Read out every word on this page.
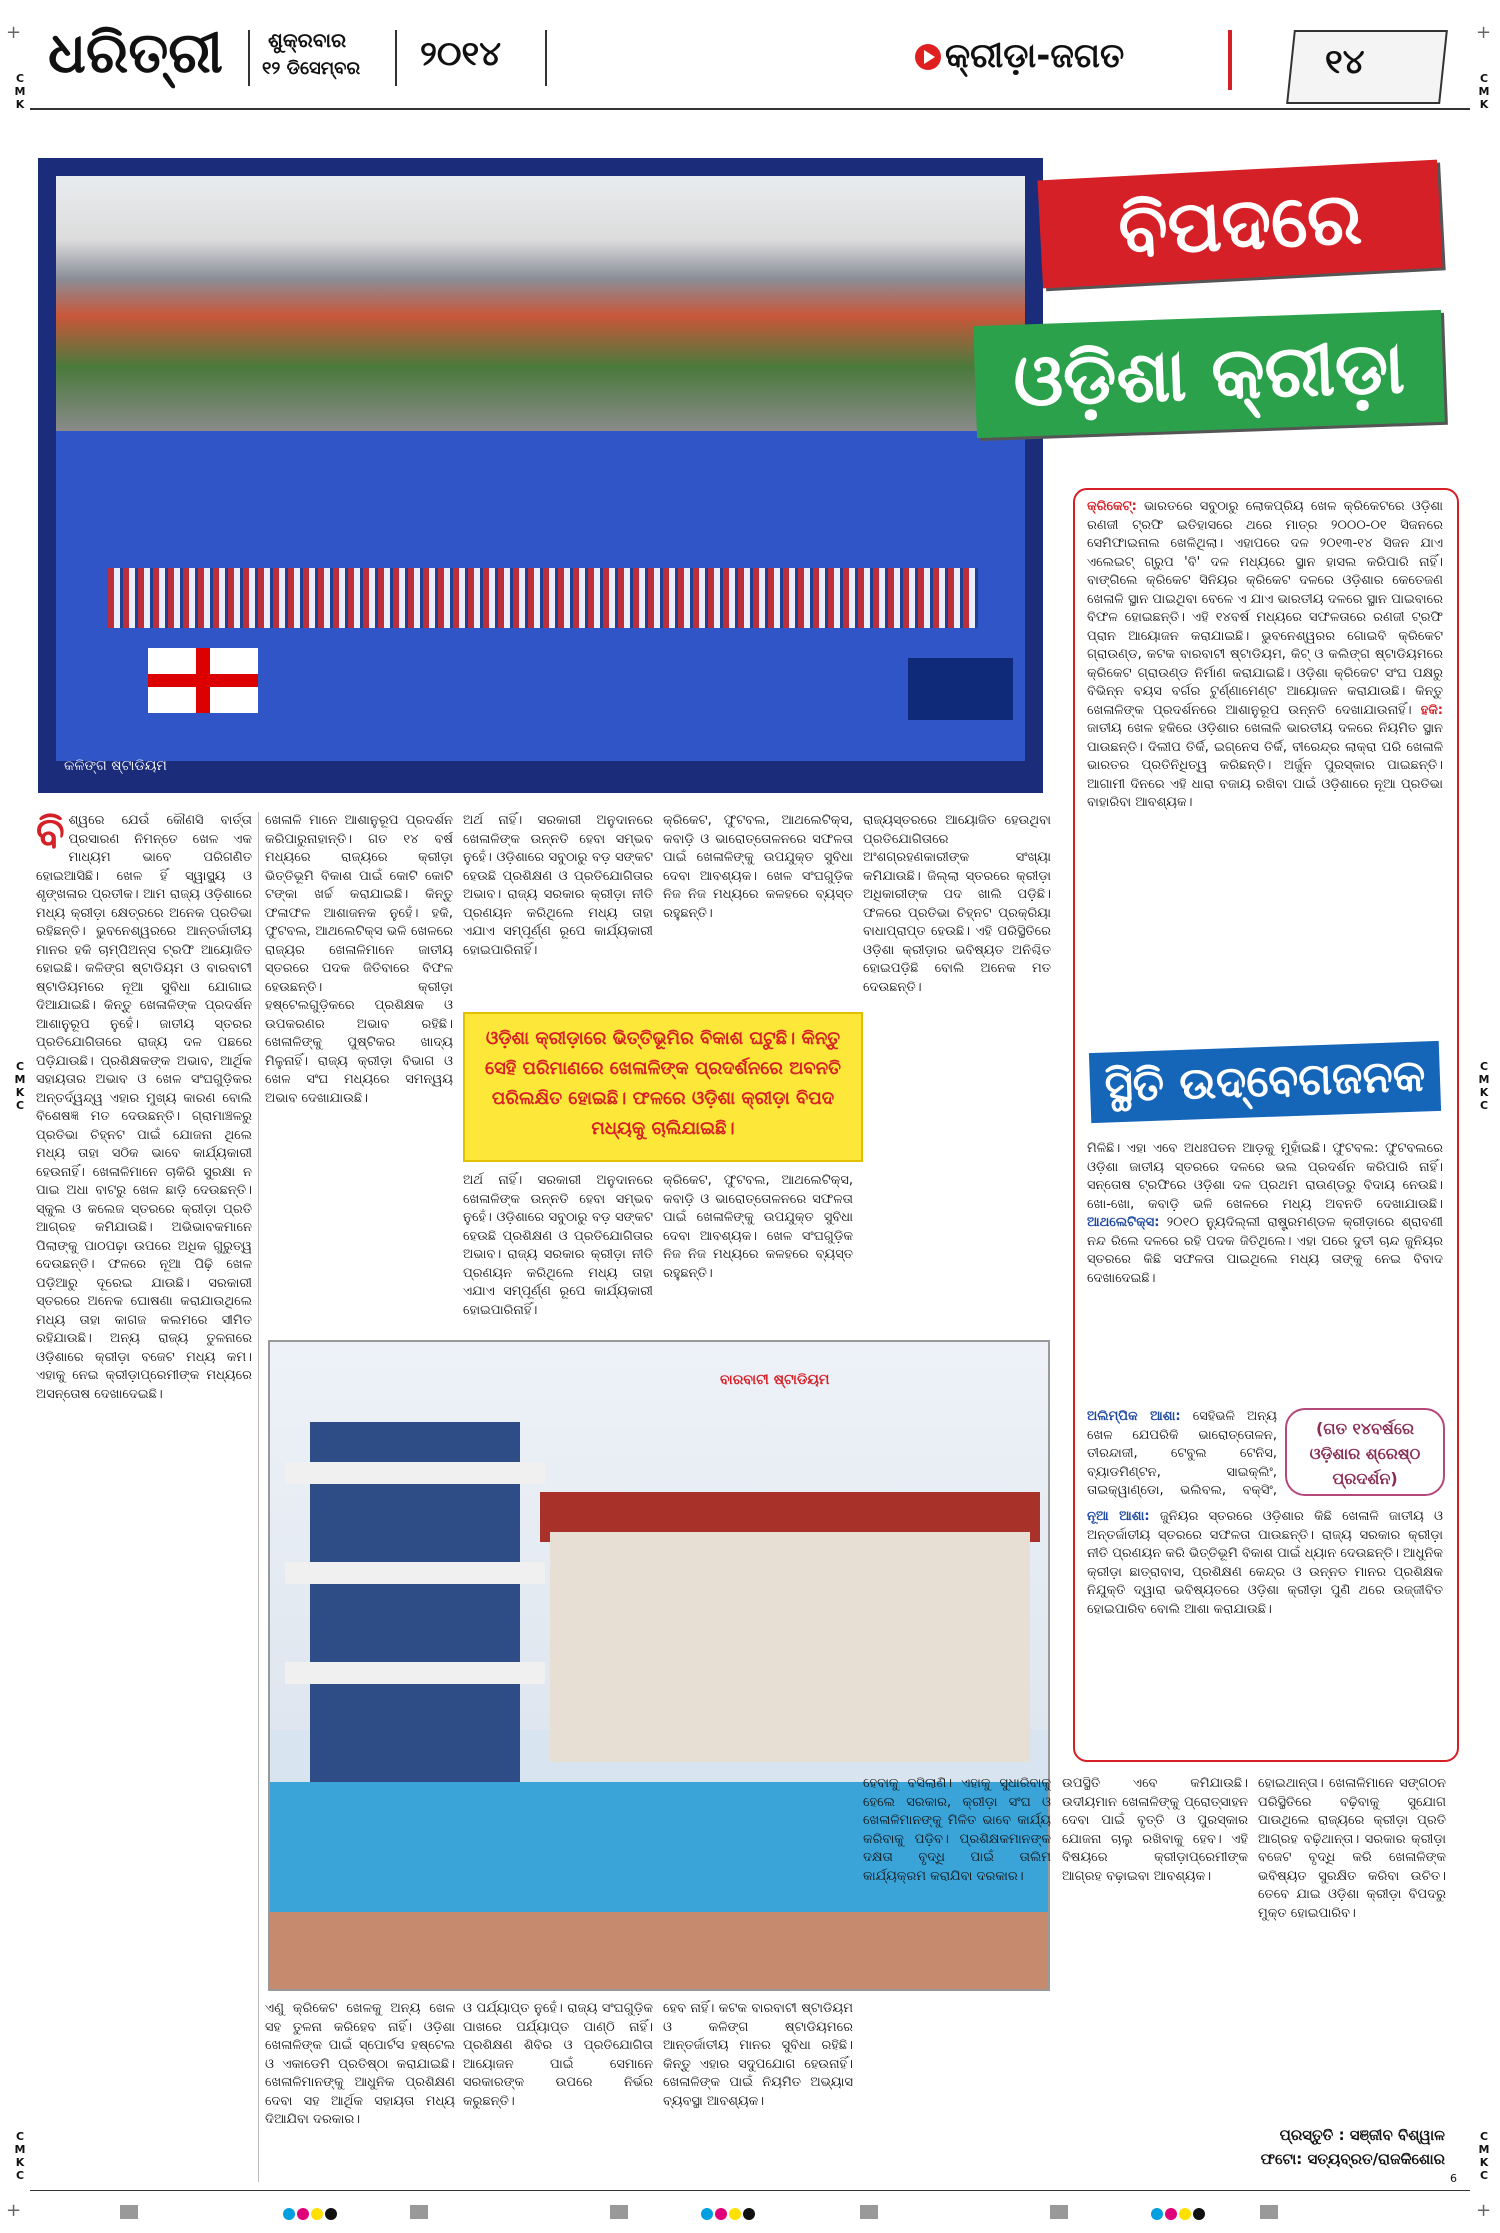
+	+
+	+
C
M
K
C
M
K
C
M
K
C
C
M
K
C
C
M
K
C
C
M
K
C
ଧରିତ୍ରୀ ଶୁକ୍ରବାର
୧୨ ଡିସେମ୍ବର ୨୦୧୪	କ୍ରୀଡ଼ା-ଜଗତ	୧୪
କଳିଙ୍ଗ ଷ୍ଟାଡିୟମ
ବିପଦରେ
ଓଡ଼ିଶା କ୍ରୀଡ଼ା
କ୍ରିକେଟ୍: ଭାରତରେ ସବୁଠାରୁ ଲୋକପ୍ରିୟ ଖେଳ କ୍ରିକେଟରେ ଓଡ଼ିଶା ରଣଜୀ ଟ୍ରଫି ଇତିହାସରେ ଥରେ ମାତ୍ର ୨୦୦୦-୦୧ ସିଜନରେ ସେମିଫାଇନାଲ ଖେଳିଥିଲା। ଏହାପରେ ଦଳ ୨୦୧୩-୧୪ ସିଜନ ଯାଏ ଏଲେଇଟ୍ ଗ୍ରୁପ 'ବି' ଦଳ ମଧ୍ୟରେ ସ୍ଥାନ ହାସଲ କରିପାରି ନାହିଁ। ବାଙ୍ଗିଲେ କ୍ରିକେଟ ସିନିୟର କ୍ରିକେଟ ଦଳରେ ଓଡ଼ିଶାର କେତେଜଣ ଖେଳାଳି ସ୍ଥାନ ପାଇଥିବା ବେଳେ ଏ ଯାଏ ଭାରତୀୟ ଦଳରେ ସ୍ଥାନ ପାଇବାରେ ବିଫଳ ହୋଇଛନ୍ତି। ଏହି ୧୪ବର୍ଷ ମଧ୍ୟରେ ସଫଳତାରେ ରଣଜୀ ଟ୍ରଫି ପ୍ରାନ ଆୟୋଜନ କରାଯାଇଛି। ଭୁବନେଶ୍ୱରର ଗୋଇବି କ୍ରିକେଟ ଗ୍ରାଉଣ୍ଡ, କଟକ ବାରବାଟୀ ଷ୍ଟାଡିୟମ, କିଟ୍ ଓ କଲିଙ୍ଗ ଷ୍ଟାଡିୟମରେ କ୍ରିକେଟ ଗ୍ରାଉଣ୍ଡ ନିର୍ମାଣ କରାଯାଇଛି। ଓଡ଼ିଶା କ୍ରିକେଟ ସଂଘ ପକ୍ଷରୁ ବିଭିନ୍ନ ବୟସ ବର୍ଗର ଟୁର୍ଣ୍ଣାମେଣ୍ଟ ଆୟୋଜନ କରାଯାଉଛି। କିନ୍ତୁ ଖେଳାଳିଙ୍କ ପ୍ରଦର୍ଶନରେ ଆଶାନୁରୂପ ଉନ୍ନତି ଦେଖାଯାଉନାହିଁ। ହକି: ଜାତୀୟ ଖେଳ ହକିରେ ଓଡ଼ିଶାର ଖେଳାଳି ଭାରତୀୟ ଦଳରେ ନିୟମିତ ସ୍ଥାନ ପାଉଛନ୍ତି। ଦିଲୀପ ତିର୍କି, ଇଗ୍ନେସ ତିର୍କି, ବୀରେନ୍ଦ୍ର ଲାକ୍ରା ପରି ଖେଳାଳି ଭାରତର ପ୍ରତିନିଧିତ୍ୱ କରିଛନ୍ତି। ଅର୍ଜୁନ ପୁରସ୍କାର ପାଇଛନ୍ତି। ଆଗାମୀ ଦିନରେ ଏହି ଧାରା ବଜାୟ ରଖିବା ପାଇଁ ଓଡ଼ିଶାରେ ନୂଆ ପ୍ରତିଭା ବାହାରିବା ଆବଶ୍ୟକ।
ସ୍ଥିତି ଉଦ୍‌ବେଗଜନକ
ମିଳିଛି। ଏହା ଏବେ ଅଧଃପତନ ଆଡ଼କୁ ମୁହାଁଇଛି। ଫୁଟବଲ: ଫୁଟବଲରେ ଓଡ଼ିଶା ଜାତୀୟ ସ୍ତରରେ ଦଳରେ ଭଲ ପ୍ରଦର୍ଶନ କରିପାରି ନାହିଁ। ସନ୍ତୋଷ ଟ୍ରଫିରେ ଓଡ଼ିଶା ଦଳ ପ୍ରଥମ ରାଉଣ୍ଡରୁ ବିଦାୟ ନେଉଛି। ଖୋ-ଖୋ, କବାଡ଼ି ଭଳି ଖେଳରେ ମଧ୍ୟ ଅବନତି ଦେଖାଯାଉଛି। ଆଥଲେଟିକ୍ସ: ୨୦୧୦ ନ୍ୟୁଦିଲ୍ଲୀ ରାଷ୍ଟ୍ରମଣ୍ଡଳ କ୍ରୀଡ଼ାରେ ଶ୍ରାବଣୀ ନନ୍ଦ ରିଲେ ଦଳରେ ରହି ପଦକ ଜିତିଥିଲେ। ଏହା ପରେ ଦୁତୀ ଚାନ୍ଦ ଜୁନିୟର ସ୍ତରରେ କିଛି ସଫଳତା ପାଇଥିଲେ ମଧ୍ୟ ତାଙ୍କୁ ନେଇ ବିବାଦ ଦେଖାଦେଇଛି।
ଅଲିମ୍ପିକ ଆଶା: ସେହିଭଳି ଅନ୍ୟ ଖେଳ ଯେପରିକି ଭାରୋତ୍ତୋଳନ, ତୀରନ୍ଦାଜୀ, ଟେବୁଲ ଟେନିସ, ବ୍ୟାଡମିଣ୍ଟନ, ସାଇକ୍ଲିଂ, ତାଇକ୍ୱାଣ୍ଡୋ, ଭଲିବଲ, ବକ୍ସିଂ,
(ଗତ ୧୪ବର୍ଷରେ ଓଡ଼ିଶାର ଶ୍ରେଷ୍ଠ ପ୍ରଦର୍ଶନ)
ନୂଆ ଆଶା: ଜୁନିୟର ସ୍ତରରେ ଓଡ଼ିଶାର କିଛି ଖେଳାଳି ଜାତୀୟ ଓ ଅନ୍ତର୍ଜାତୀୟ ସ୍ତରରେ ସଫଳତା ପାଉଛନ୍ତି। ରାଜ୍ୟ ସରକାର କ୍ରୀଡ଼ା ନୀତି ପ୍ରଣୟନ କରି ଭିତ୍ତିଭୂମି ବିକାଶ ପାଇଁ ଧ୍ୟାନ ଦେଉଛନ୍ତି। ଆଧୁନିକ କ୍ରୀଡ଼ା ଛାତ୍ରାବାସ, ପ୍ରଶିକ୍ଷଣ କେନ୍ଦ୍ର ଓ ଉନ୍ନତ ମାନର ପ୍ରଶିକ୍ଷକ ନିଯୁକ୍ତି ଦ୍ୱାରା ଭବିଷ୍ୟତରେ ଓଡ଼ିଶା କ୍ରୀଡ଼ା ପୁଣି ଥରେ ଉଜ୍ଜୀବିତ ହୋଇପାରିବ ବୋଲି ଆଶା କରାଯାଉଛି।
ବି ଶ୍ୱରେ ଯେଉଁ କୌଣସି ବାର୍ତ୍ତା ପ୍ରସାରଣ ନିମନ୍ତେ ଖେଳ ଏକ ମାଧ୍ୟମ ଭାବେ ପରିଗଣିତ ହୋଇଆସିଛି। ଖେଳ ହିଁ ସ୍ୱାସ୍ଥ୍ୟ ଓ ଶୃଙ୍ଖଳାର ପ୍ରତୀକ। ଆମ ରାଜ୍ୟ ଓଡ଼ିଶାରେ ମଧ୍ୟ କ୍ରୀଡ଼ା କ୍ଷେତ୍ରରେ ଅନେକ ପ୍ରତିଭା ରହିଛନ୍ତି। ଭୁବନେଶ୍ୱରରେ ଆନ୍ତର୍ଜାତୀୟ ମାନର ହକି ଚାମ୍ପିଅନ୍ସ ଟ୍ରଫି ଆୟୋଜିତ ହୋଇଛି। କଳିଙ୍ଗ ଷ୍ଟାଡିୟମ ଓ ବାରବାଟୀ ଷ୍ଟାଡିୟମରେ ନୂଆ ସୁବିଧା ଯୋଗାଇ ଦିଆଯାଇଛି। କିନ୍ତୁ ଖେଳାଳିଙ୍କ ପ୍ରଦର୍ଶନ ଆଶାନୁରୂପ ନୁହେଁ। ଜାତୀୟ ସ୍ତରର ପ୍ରତିଯୋଗିତାରେ ରାଜ୍ୟ ଦଳ ପଛରେ ପଡ଼ିଯାଉଛି। ପ୍ରଶିକ୍ଷକଙ୍କ ଅଭାବ, ଆର୍ଥିକ ସହାୟତାର ଅଭାବ ଓ ଖେଳ ସଂଘଗୁଡ଼ିକର ଅନ୍ତର୍ଦ୍ୱନ୍ଦ୍ୱ ଏହାର ମୁଖ୍ୟ କାରଣ ବୋଲି ବିଶେଷଜ୍ଞ ମତ ଦେଉଛନ୍ତି। ଗ୍ରାମାଞ୍ଚଳରୁ ପ୍ରତିଭା ଚିହ୍ନଟ ପାଇଁ ଯୋଜନା ଥିଲେ ମଧ୍ୟ ତାହା ସଠିକ ଭାବେ କାର୍ଯ୍ୟକାରୀ ହେଉନାହିଁ। ଖେଳାଳିମାନେ ଚାକିରି ସୁରକ୍ଷା ନ ପାଇ ଅଧା ବାଟରୁ ଖେଳ ଛାଡ଼ି ଦେଉଛନ୍ତି। ସ୍କୁଲ ଓ କଲେଜ ସ୍ତରରେ କ୍ରୀଡ଼ା ପ୍ରତି ଆଗ୍ରହ କମିଯାଉଛି। ଅଭିଭାବକମାନେ ପିଲାଙ୍କୁ ପାଠପଢ଼ା ଉପରେ ଅଧିକ ଗୁରୁତ୍ୱ ଦେଉଛନ୍ତି। ଫଳରେ ନୂଆ ପିଢ଼ି ଖେଳ ପଡ଼ିଆରୁ ଦୂରେଇ ଯାଉଛି। ସରକାରୀ ସ୍ତରରେ ଅନେକ ଘୋଷଣା କରାଯାଉଥିଲେ ମଧ୍ୟ ତାହା କାଗଜ କଲମରେ ସୀମିତ ରହିଯାଉଛି। ଅନ୍ୟ ରାଜ୍ୟ ତୁଳନାରେ ଓଡ଼ିଶାରେ କ୍ରୀଡ଼ା ବଜେଟ ମଧ୍ୟ କମ। ଏହାକୁ ନେଇ କ୍ରୀଡ଼ାପ୍ରେମୀଙ୍କ ମଧ୍ୟରେ ଅସନ୍ତୋଷ ଦେଖାଦେଇଛି।
ଖେଳାଳି ମାନେ ଆଶାନୁରୂପ ପ୍ରଦର୍ଶନ କରିପାରୁନାହାନ୍ତି। ଗତ ୧୪ ବର୍ଷ ମଧ୍ୟରେ ରାଜ୍ୟରେ କ୍ରୀଡ଼ା ଭିତ୍ତିଭୂମି ବିକାଶ ପାଇଁ କୋଟି କୋଟି ଟଙ୍କା ଖର୍ଚ୍ଚ କରାଯାଇଛି। କିନ୍ତୁ ଫଳାଫଳ ଆଶାଜନକ ନୁହେଁ। ହକି, ଫୁଟବଲ, ଆଥଲେଟିକ୍ସ ଭଳି ଖେଳରେ ରାଜ୍ୟର ଖେଳାଳିମାନେ ଜାତୀୟ ସ୍ତରରେ ପଦକ ଜିତିବାରେ ବିଫଳ ହେଉଛନ୍ତି। କ୍ରୀଡ଼ା ହଷ୍ଟେଲଗୁଡ଼ିକରେ ପ୍ରଶିକ୍ଷକ ଓ ଉପକରଣର ଅଭାବ ରହିଛି। ଖେଳାଳିଙ୍କୁ ପୁଷ୍ଟିକର ଖାଦ୍ୟ ମିଳୁନାହିଁ। ରାଜ୍ୟ କ୍ରୀଡ଼ା ବିଭାଗ ଓ ଖେଳ ସଂଘ ମଧ୍ୟରେ ସମନ୍ୱୟ ଅଭାବ ଦେଖାଯାଉଛି।
ଅର୍ଥ ନାହିଁ। ସରକାରୀ ଅନୁଦାନରେ ଖେଳାଳିଙ୍କ ଉନ୍ନତି ହେବା ସମ୍ଭବ ନୁହେଁ। ଓଡ଼ିଶାରେ ସବୁଠାରୁ ବଡ଼ ସଙ୍କଟ ହେଉଛି ପ୍ରଶିକ୍ଷଣ ଓ ପ୍ରତିଯୋଗିତାର ଅଭାବ। ରାଜ୍ୟ ସରକାର କ୍ରୀଡ଼ା ନୀତି ପ୍ରଣୟନ କରିଥିଲେ ମଧ୍ୟ ତାହା ଏଯାଏ ସମ୍ପୂର୍ଣ୍ଣ ରୂପେ କାର୍ଯ୍ୟକାରୀ ହୋଇପାରିନାହିଁ।
କ୍ରିକେଟ, ଫୁଟବଲ, ଆଥଲେଟିକ୍ସ, କବାଡ଼ି ଓ ଭାରୋତ୍ତୋଳନରେ ସଫଳତା ପାଇଁ ଖେଳାଳିଙ୍କୁ ଉପଯୁକ୍ତ ସୁବିଧା ଦେବା ଆବଶ୍ୟକ। ଖେଳ ସଂଘଗୁଡ଼ିକ ନିଜ ନିଜ ମଧ୍ୟରେ କଳହରେ ବ୍ୟସ୍ତ ରହୁଛନ୍ତି।
ରାଜ୍ୟସ୍ତରରେ ଆୟୋଜିତ ହେଉଥିବା ପ୍ରତିଯୋଗିତାରେ ଅଂଶଗ୍ରହଣକାରୀଙ୍କ ସଂଖ୍ୟା କମିଯାଉଛି। ଜିଲ୍ଲା ସ୍ତରରେ କ୍ରୀଡ଼ା ଅଧିକାରୀଙ୍କ ପଦ ଖାଲି ପଡ଼ିଛି। ଫଳରେ ପ୍ରତିଭା ଚିହ୍ନଟ ପ୍ରକ୍ରିୟା ବାଧାପ୍ରାପ୍ତ ହେଉଛି। ଏହି ପରିସ୍ଥିତିରେ ଓଡ଼ିଶା କ୍ରୀଡ଼ାର ଭବିଷ୍ୟତ ଅନିଶ୍ଚିତ ହୋଇପଡ଼ିଛି ବୋଲି ଅନେକ ମତ ଦେଉଛନ୍ତି।
ଓଡ଼ିଶା କ୍ରୀଡ଼ାରେ ଭିତ୍ତିଭୂମିର ବିକାଶ ଘଟୁଛି। କିନ୍ତୁ ସେହି ପରିମାଣରେ ଖେଳାଳିଙ୍କ ପ୍ରଦର୍ଶନରେ ଅବନତି ପରିଲକ୍ଷିତ ହୋଇଛି। ଫଳରେ ଓଡ଼ିଶା କ୍ରୀଡ଼ା ବିପଦ ମଧ୍ୟକୁ ଚାଲିଯାଇଛି।
ଅର୍ଥ ନାହିଁ। ସରକାରୀ ଅନୁଦାନରେ ଖେଳାଳିଙ୍କ ଉନ୍ନତି ହେବା ସମ୍ଭବ ନୁହେଁ। ଓଡ଼ିଶାରେ ସବୁଠାରୁ ବଡ଼ ସଙ୍କଟ ହେଉଛି ପ୍ରଶିକ୍ଷଣ ଓ ପ୍ରତିଯୋଗିତାର ଅଭାବ। ରାଜ୍ୟ ସରକାର କ୍ରୀଡ଼ା ନୀତି ପ୍ରଣୟନ କରିଥିଲେ ମଧ୍ୟ ତାହା ଏଯାଏ ସମ୍ପୂର୍ଣ୍ଣ ରୂପେ କାର୍ଯ୍ୟକାରୀ ହୋଇପାରିନାହିଁ।
କ୍ରିକେଟ, ଫୁଟବଲ, ଆଥଲେଟିକ୍ସ, କବାଡ଼ି ଓ ଭାରୋତ୍ତୋଳନରେ ସଫଳତା ପାଇଁ ଖେଳାଳିଙ୍କୁ ଉପଯୁକ୍ତ ସୁବିଧା ଦେବା ଆବଶ୍ୟକ। ଖେଳ ସଂଘଗୁଡ଼ିକ ନିଜ ନିଜ ମଧ୍ୟରେ କଳହରେ ବ୍ୟସ୍ତ ରହୁଛନ୍ତି।
ବାରବାଟୀ ଷ୍ଟାଡିୟମ
ଏଣୁ କ୍ରିକେଟ ଖେଳକୁ ଅନ୍ୟ ଖେଳ ସହ ତୁଳନା କରିହେବ ନାହିଁ। ଓଡ଼ିଶା ଖେଳାଳିଙ୍କ ପାଇଁ ସ୍ପୋର୍ଟସ ହଷ୍ଟେଲ ଓ ଏକାଡେମି ପ୍ରତିଷ୍ଠା କରାଯାଇଛି। ଖେଳାଳିମାନଙ୍କୁ ଆଧୁନିକ ପ୍ରଶିକ୍ଷଣ ଦେବା ସହ ଆର୍ଥିକ ସହାୟତା ମଧ୍ୟ ଦିଆଯିବା ଦରକାର।
ଓ ପର୍ଯ୍ୟାପ୍ତ ନୁହେଁ। ରାଜ୍ୟ ସଂଘଗୁଡ଼ିକ ପାଖରେ ପର୍ଯ୍ୟାପ୍ତ ପାଣ୍ଠି ନାହିଁ। ପ୍ରଶିକ୍ଷଣ ଶିବିର ଓ ପ୍ରତିଯୋଗିତା ଆୟୋଜନ ପାଇଁ ସେମାନେ ସରକାରଙ୍କ ଉପରେ ନିର୍ଭର କରୁଛନ୍ତି।
ହେବ ନାହିଁ। କଟକ ବାରବାଟୀ ଷ୍ଟାଡିୟମ ଓ କଳିଙ୍ଗ ଷ୍ଟାଡିୟମରେ ଆନ୍ତର୍ଜାତୀୟ ମାନର ସୁବିଧା ରହିଛି। କିନ୍ତୁ ଏହାର ସଦୁପଯୋଗ ହେଉନାହିଁ। ଖେଳାଳିଙ୍କ ପାଇଁ ନିୟମିତ ଅଭ୍ୟାସ ବ୍ୟବସ୍ଥା ଆବଶ୍ୟକ।
ହେବାକୁ ବସିଲାଣି। ଏହାକୁ ସୁଧାରିବାକୁ ହେଲେ ସରକାର, କ୍ରୀଡ଼ା ସଂଘ ଓ ଖେଳାଳିମାନଙ୍କୁ ମିଳିତ ଭାବେ କାର୍ଯ୍ୟ କରିବାକୁ ପଡ଼ିବ। ପ୍ରଶିକ୍ଷକମାନଙ୍କ ଦକ୍ଷତା ବୃଦ୍ଧି ପାଇଁ ତାଲିମ କାର୍ଯ୍ୟକ୍ରମ କରାଯିବା ଦରକାର।
ଉପସ୍ଥିତି ଏବେ କମିଯାଉଛି। ଉଦୀୟମାନ ଖେଳାଳିଙ୍କୁ ପ୍ରୋତ୍ସାହନ ଦେବା ପାଇଁ ବୃତ୍ତି ଓ ପୁରସ୍କାର ଯୋଜନା ଚାଲୁ ରଖିବାକୁ ହେବ। ଏହି ବିଷୟରେ କ୍ରୀଡ଼ାପ୍ରେମୀଙ୍କ ଆଗ୍ରହ ବଢ଼ାଇବା ଆବଶ୍ୟକ।
ହୋଇଥାନ୍ତା। ଖେଳାଳିମାନେ ସଙ୍ଗଠନ ପରିସ୍ଥିତିରେ ବଢ଼ିବାକୁ ସୁଯୋଗ ପାଉଥିଲେ ରାଜ୍ୟରେ କ୍ରୀଡ଼ା ପ୍ରତି ଆଗ୍ରହ ବଢ଼ିଥାନ୍ତା। ସରକାର କ୍ରୀଡ଼ା ବଜେଟ ବୃଦ୍ଧି କରି ଖେଳାଳିଙ୍କ ଭବିଷ୍ୟତ ସୁରକ୍ଷିତ କରିବା ଉଚିତ। ତେବେ ଯାଇ ଓଡ଼ିଶା କ୍ରୀଡ଼ା ବିପଦରୁ ମୁକ୍ତ ହୋଇପାରିବ।
ପ୍ରସ୍ତୁତି : ସଞ୍ଜୀବ ବିଶ୍ୱାଳ
ଫଟୋ: ସତ୍ୟବ୍ରତ/ରାଜକିଶୋର
6
